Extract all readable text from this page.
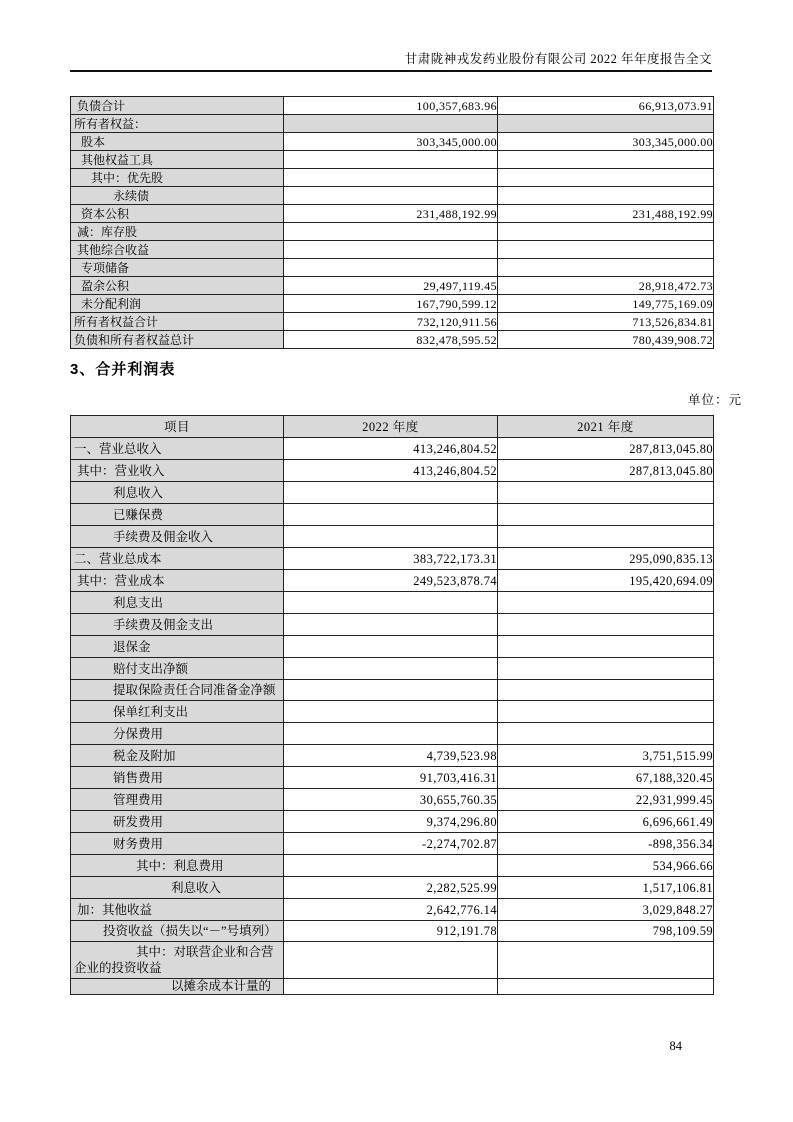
甘肃陇神戎发药业股份有限公司 2022 年年度报告全文
负债合计	100,357,683.96	66,913,073.91
所有者权益：		
股本	303,345,000.00	303,345,000.00
其他权益工具		
其中：优先股		
永续债		
资本公积	231,488,192.99	231,488,192.99
减：库存股		
其他综合收益		
专项储备		
盈余公积	29,497,119.45	28,918,472.73
未分配利润	167,790,599.12	149,775,169.09
所有者权益合计	732,120,911.56	713,526,834.81
负债和所有者权益总计	832,478,595.52	780,439,908.72
3、合并利润表
单位：元
项目	2022 年度	2021 年度
一、营业总收入	413,246,804.52	287,813,045.80
其中：营业收入	413,246,804.52	287,813,045.80
利息收入		
已赚保费		
手续费及佣金收入		
二、营业总成本	383,722,173.31	295,090,835.13
其中：营业成本	249,523,878.74	195,420,694.09
利息支出		
手续费及佣金支出		
退保金		
赔付支出净额		
提取保险责任合同准备金净额		
保单红利支出		
分保费用		
税金及附加	4,739,523.98	3,751,515.99
销售费用	91,703,416.31	67,188,320.45
管理费用	30,655,760.35	22,931,999.45
研发费用	9,374,296.80	6,696,661.49
财务费用	-2,274,702.87	-898,356.34
其中：利息费用		534,966.66
利息收入	2,282,525.99	1,517,106.81
加：其他收益	2,642,776.14	3,029,848.27
投资收益（损失以“－”号填列）	912,191.78	798,109.59
其中：对联营企业和合营企业的投资收益		
以摊余成本计量的		
84
